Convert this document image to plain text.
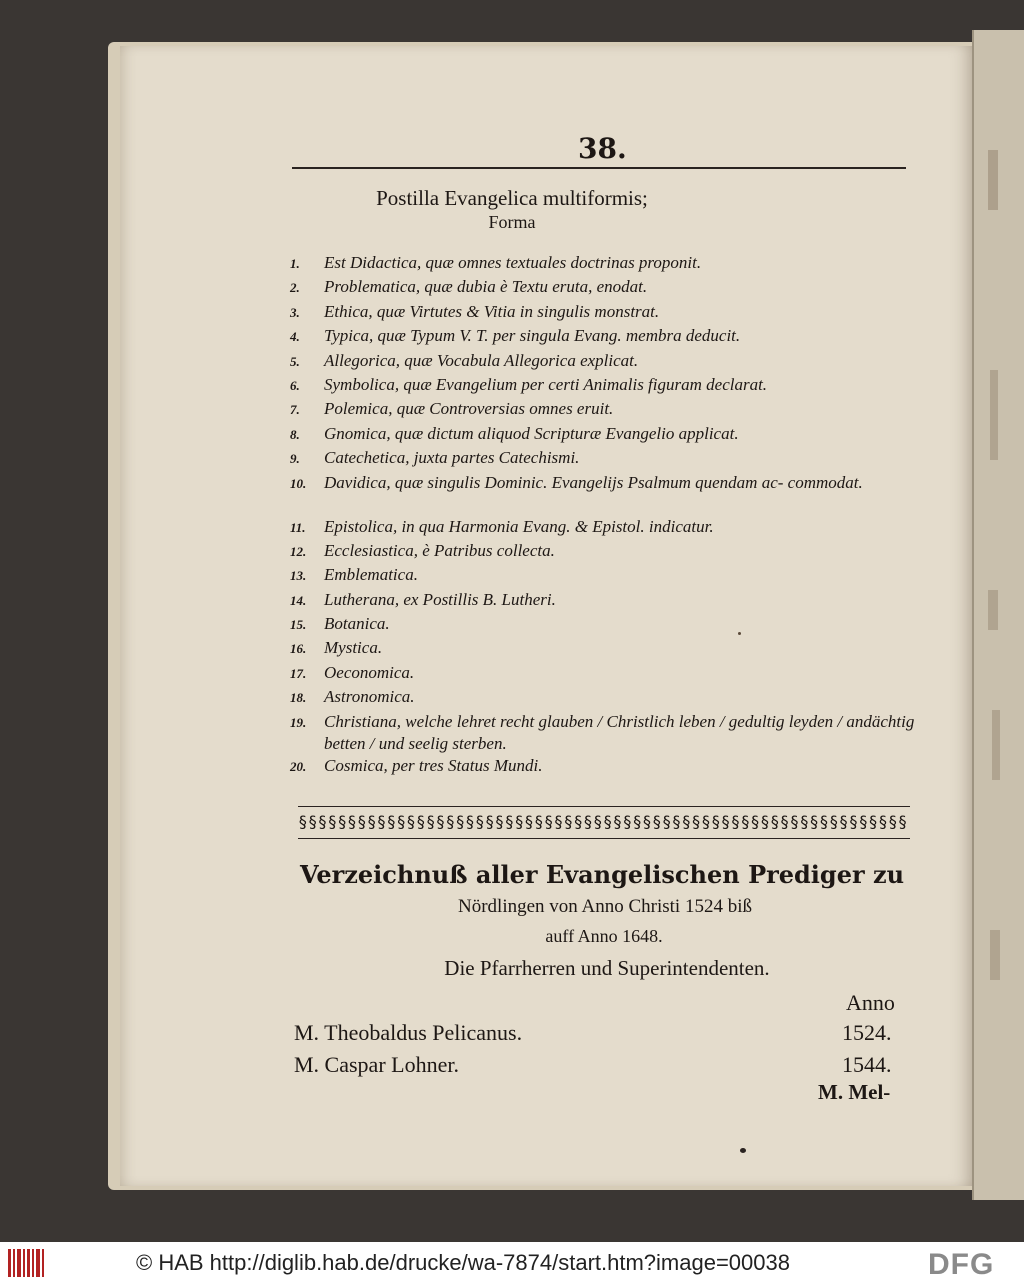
38.
Postilla Evangelica multiformis;
Forma
1. Est Didactica, quæ omnes textuales doctrinas proponit.
2. Problematica, quæ dubia è Textu eruta, enodat.
3. Ethica, quæ Virtutes & Vitia in singulis monstrat.
4. Typica, quæ Typum V. T. per singula Evang. membra deducit.
5. Allegorica, quæ Vocabula Allegorica explicat.
6. Symbolica, quæ Evangelium per certi Animalis figuram declarat.
7. Polemica, quæ Controversias omnes eruit.
8. Gnomica, quæ dictum aliquod Scripturæ Evangelio applicat.
9. Catechetica, juxta partes Catechismi.
10. Davidica, quæ singulis Dominic. Evangelijs Psalmum quendam ac- commodat.
11. Epistolica, in qua Harmonia Evang. & Epistol. indicatur.
12. Ecclesiastica, è Patribus collecta.
13. Emblematica.
14. Lutherana, ex Postillis B. Lutheri.
15. Botanica.
16. Mystica.
17. Oeconomica.
18. Astronomica.
19. Christiana, welche lehret recht glauben / Christlich leben / gedultig leyden / andächtig betten / und seelig sterben.
20. Cosmica, per tres Status Mundi.
§§§§§§§§§§§§§§§§§§§§§§§§§§§§§§§§§§§§§§§§§§§§§§§§§§§§§§§§§§§§§§
Verzeichnuß aller Evangelischen Prediger zu
Nördlingen von Anno Christi 1524 biß
auff Anno 1648.
Die Pfarrherren und Superintendenten.
Anno
M. Theobaldus Pelicanus.	1524.
M. Caspar Lohner.	1544.
M. Mel-
© HAB http://diglib.hab.de/drucke/wa-7874/start.htm?image=00038	DFG
